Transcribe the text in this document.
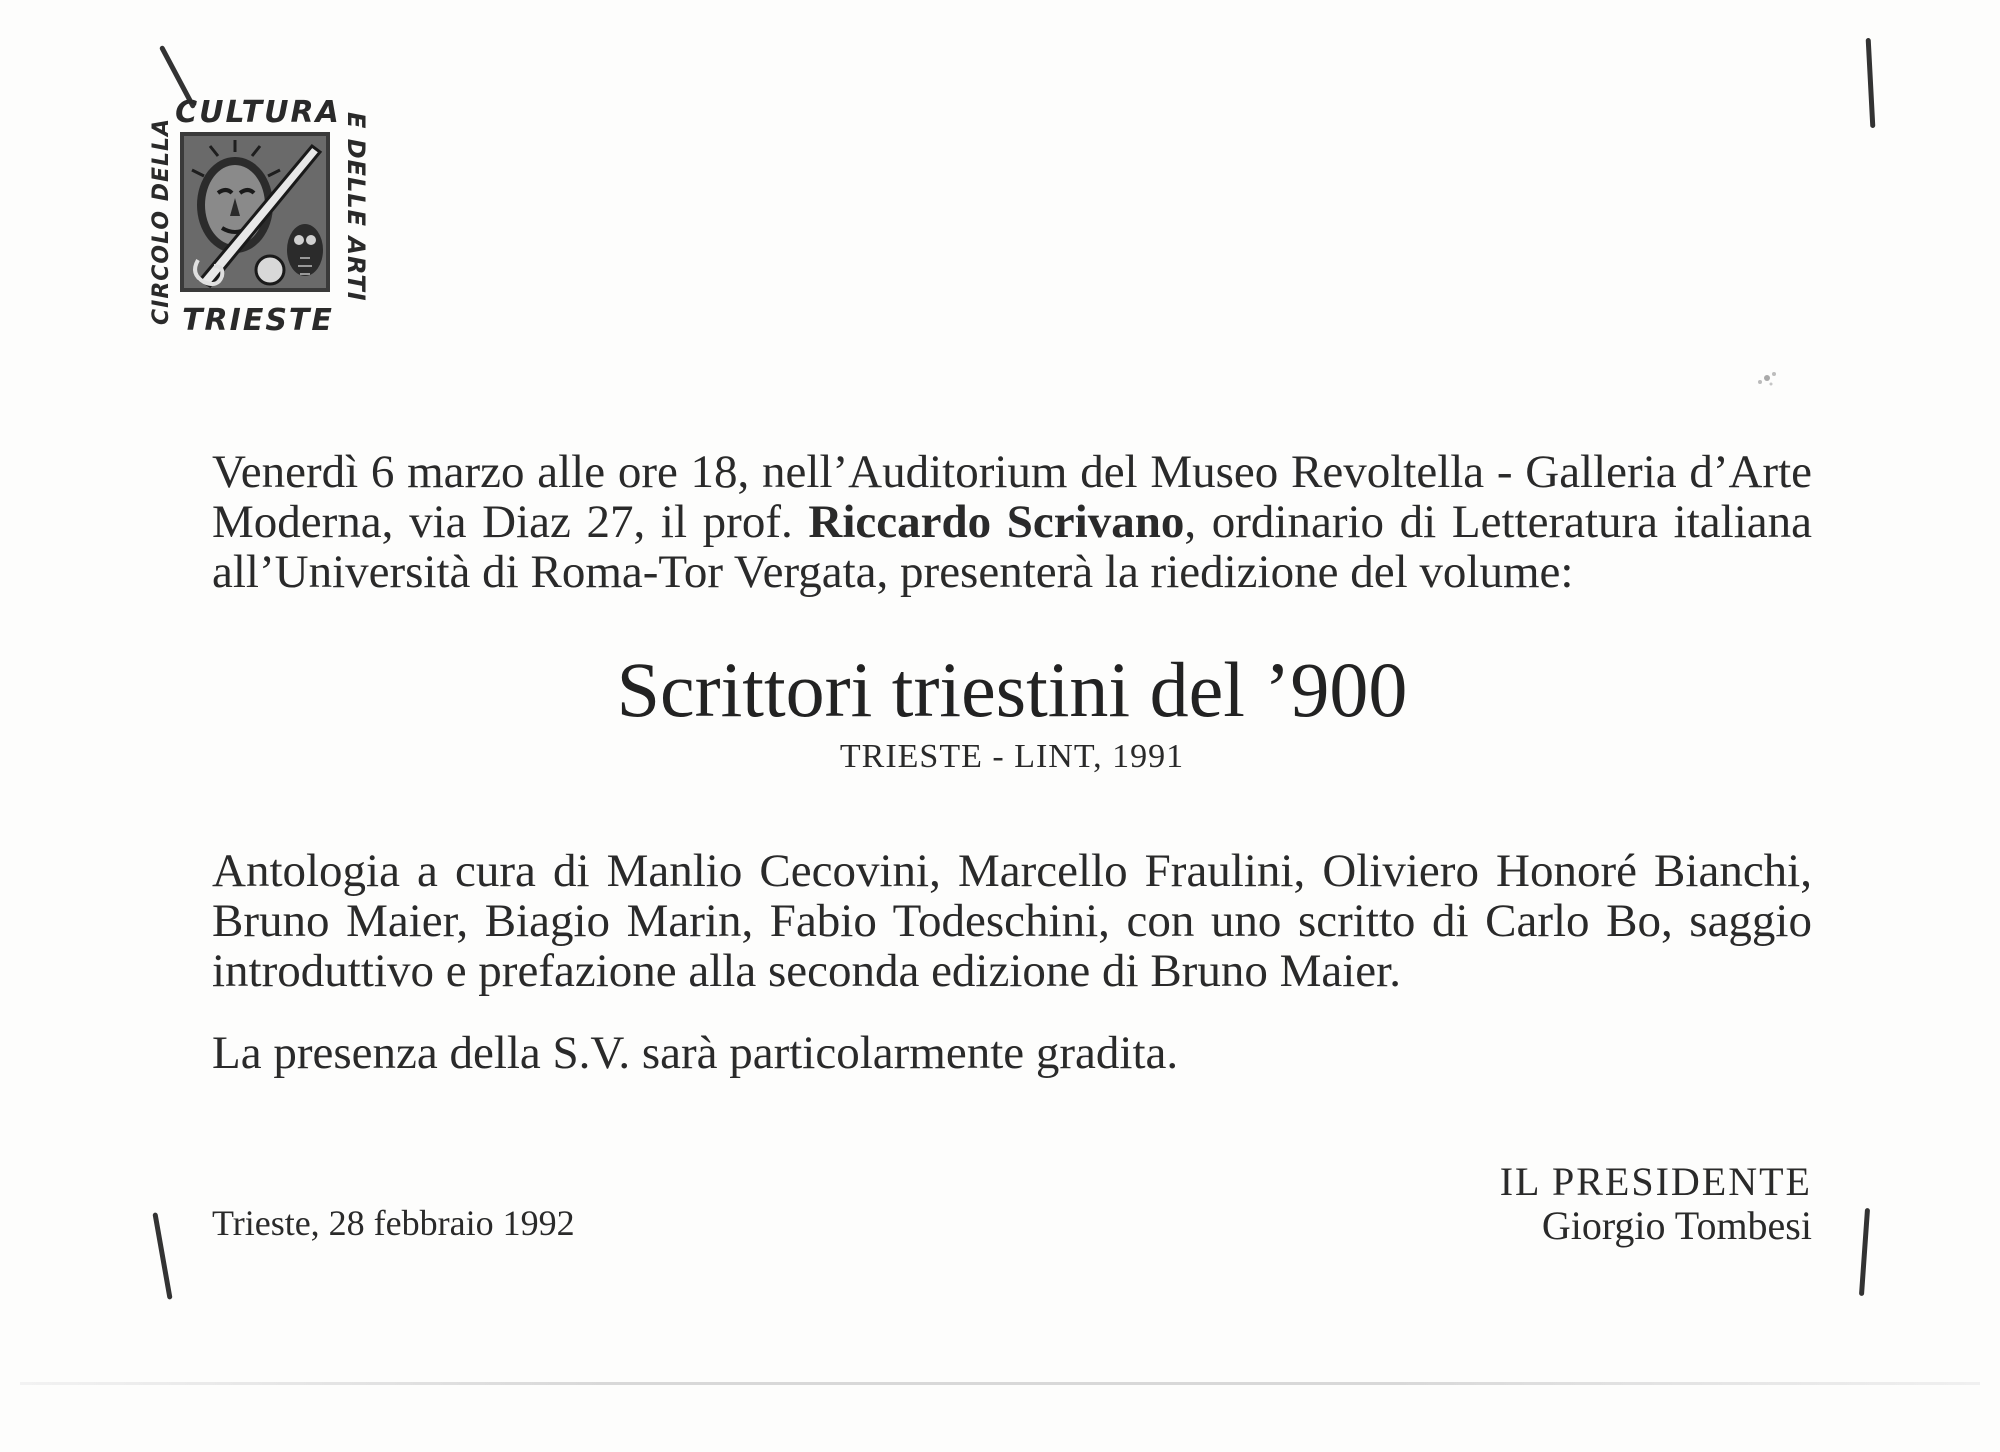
CULTURA
CIRCOLO DELLA	E DELLE ARTI
TRIESTE
Venerdì 6 marzo alle ore 18, nell’Auditorium del Museo Revoltella - Galleria d’Arte Moderna, via Diaz 27, il prof. Riccardo Scrivano, ordinario di Letteratura italiana all’Università di Roma-Tor Vergata, presenterà la riedizione del volume:
Scrittori triestini del ’900
TRIESTE - LINT, 1991
Antologia a cura di Manlio Cecovini, Marcello Fraulini, Oliviero Honoré Bianchi, Bruno Maier, Biagio Marin, Fabio Todeschini, con uno scritto di Carlo Bo, saggio introduttivo e prefazione alla seconda edizione di Bruno Maier.
La presenza della S.V. sarà particolarmente gradita.
Trieste, 28 febbraio 1992
IL PRESIDENTE
Giorgio Tombesi
